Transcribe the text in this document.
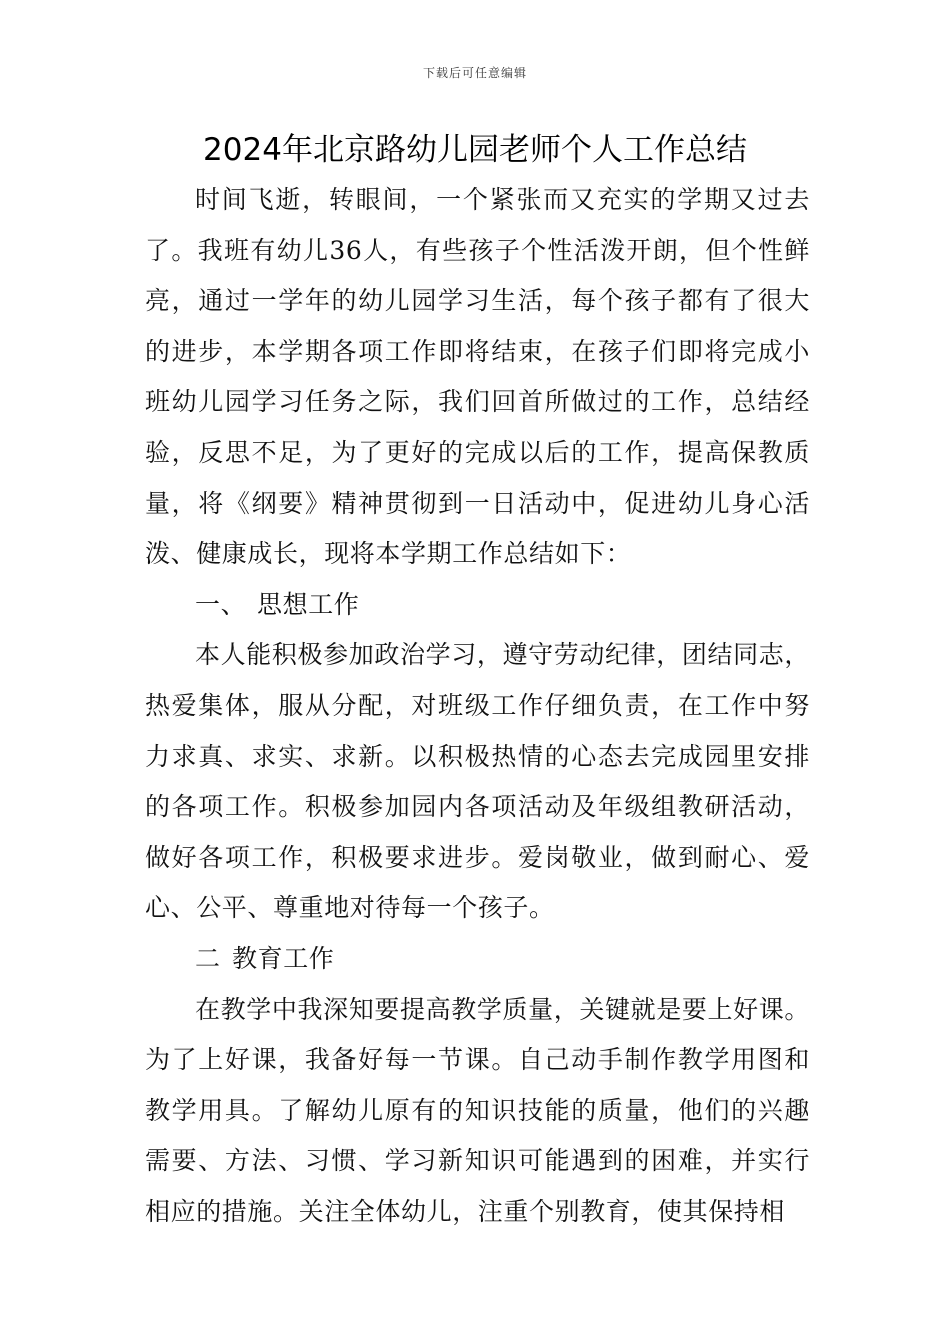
下载后可任意编辑
2024年北京路幼儿园老师个人工作总结

时间飞逝，转眼间，一个紧张而又充实的学期又过去了。我班有幼儿36人，有些孩子个性活泼开朗，但个性鲜亮，通过一学年的幼儿园学习生活，每个孩子都有了很大的进步，本学期各项工作即将结束，在孩子们即将完成小班幼儿园学习任务之际，我们回首所做过的工作，总结经验，反思不足，为了更好的完成以后的工作，提高保教质量，将《纲要》精神贯彻到一日活动中，促进幼儿身心活泼、健康成长，现将本学期工作总结如下：

一、 思想工作

本人能积极参加政治学习，遵守劳动纪律，团结同志，热爱集体，服从分配，对班级工作仔细负责，在工作中努力求真、求实、求新。以积极热情的心态去完成园里安排的各项工作。积极参加园内各项活动及年级组教研活动，做好各项工作，积极要求进步。爱岗敬业，做到耐心、爱心、公平、尊重地对待每一个孩子。

二 教育工作

在教学中我深知要提高教学质量，关键就是要上好课。为了上好课，我备好每一节课。自己动手制作教学用图和教学用具。了解幼儿原有的知识技能的质量，他们的兴趣需要、方法、习惯、学习新知识可能遇到的困难，并实行相应的措施。关注全体幼儿，注重个别教育，使其保持相
